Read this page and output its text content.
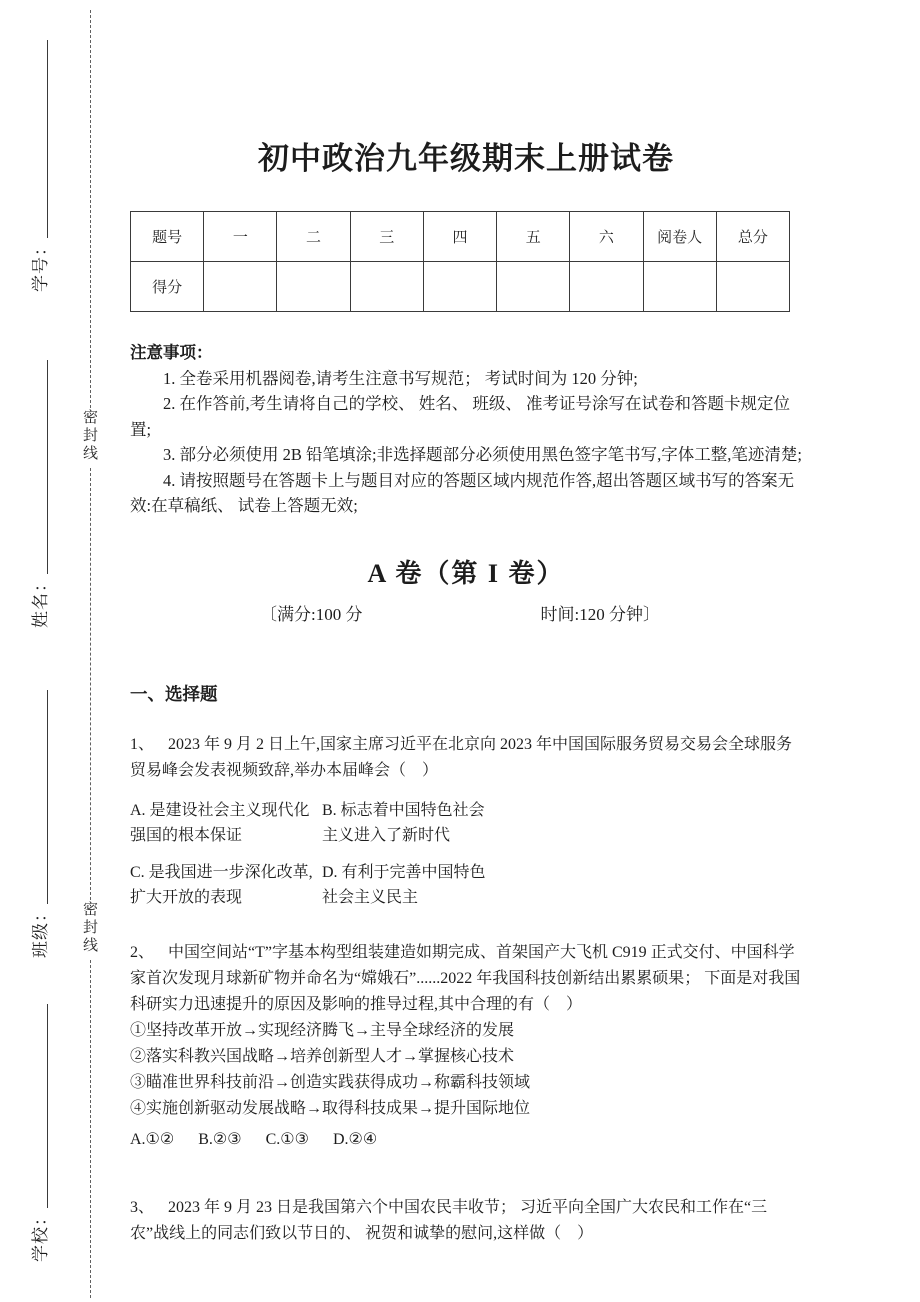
学号：
姓名：
班级：
学校：
密封线
密封线
初中政治九年级期末上册试卷
题号	一	二	三	四	五	六	阅卷人	总分
得分								

注意事项：

1. 全卷采用机器阅卷,请考生注意书写规范； 考试时间为 120 分钟;

2. 在作答前,考生请将自己的学校、 姓名、 班级、 准考证号涂写在试卷和答题卡规定位置;

3. 部分必须使用 2B 铅笔填涂;非选择题部分必须使用黑色签字笔书写,字体工整,笔迹清楚;

4. 请按照题号在答题卡上与题目对应的答题区域内规范作答,超出答题区域书写的答案无效:在草稿纸、 试卷上答题无效;

A 卷（第 I 卷）
〔满分:100 分	时间:120 分钟〕
一、选择题

1、 2023 年 9 月 2 日上午,国家主席习近平在北京向 2023 年中国国际服务贸易交易会全球服务贸易峰会发表视频致辞,举办本届峰会（　）

A. 是建设社会主义现代化强国的根本保证
B. 标志着中国特色社会主义进入了新时代
C. 是我国进一步深化改革,扩大开放的表现
D. 有利于完善中国特色社会主义民主

2、 中国空间站“T”字基本构型组装建造如期完成、首架国产大飞机 C919 正式交付、中国科学家首次发现月球新矿物并命名为“嫦娥石”......2022 年我国科技创新结出累累硕果； 下面是对我国科研实力迅速提升的原因及影响的推导过程,其中合理的有（　）

①坚持改革开放→实现经济腾飞→主导全球经济的发展

②落实科教兴国战略→培养创新型人才→掌握核心技术

③瞄准世界科技前沿→创造实践获得成功→称霸科技领域

④实施创新驱动发展战略→取得科技成果→提升国际地位

A.①② B.②③ C.①③ D.②④

3、 2023 年 9 月 23 日是我国第六个中国农民丰收节； 习近平向全国广大农民和工作在“三农”战线上的同志们致以节日的、 祝贺和诚挚的慰问,这样做（　）
